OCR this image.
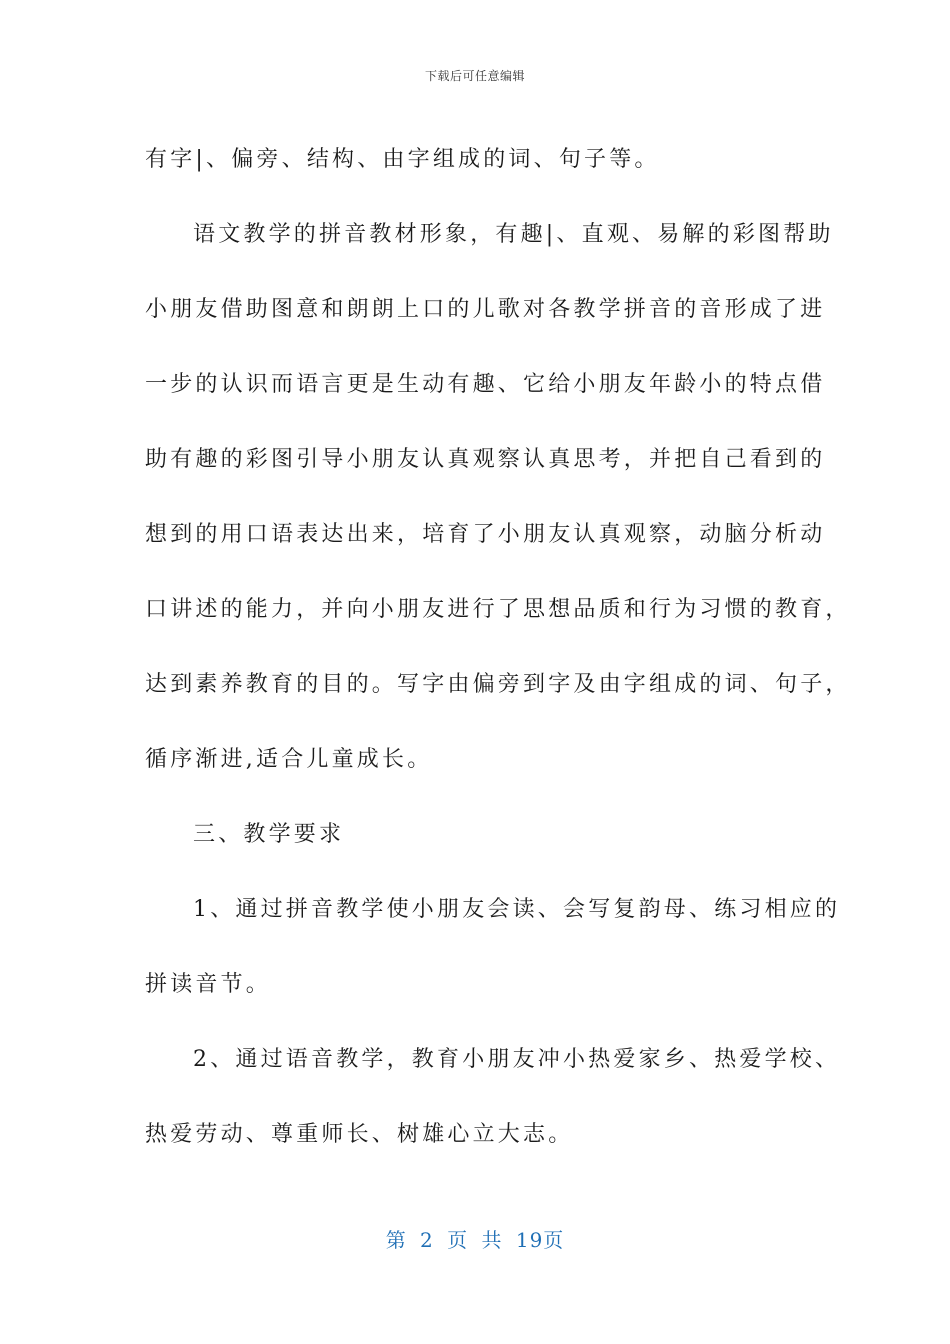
下载后可任意编辑
有字|、偏旁、结构、由字组成的词、句子等。
语文教学的拼音教材形象，有趣|、直观、易解的彩图帮助
小朋友借助图意和朗朗上口的儿歌对各教学拼音的音形成了进
一步的认识而语言更是生动有趣、它给小朋友年龄小的特点借
助有趣的彩图引导小朋友认真观察认真思考，并把自己看到的
想到的用口语表达出来，培育了小朋友认真观察，动脑分析动
口讲述的能力，并向小朋友进行了思想品质和行为习惯的教育，
达到素养教育的目的。写字由偏旁到字及由字组成的词、句子，
循序渐进,适合儿童成长。
三、教学要求
1、通过拼音教学使小朋友会读、会写复韵母、练习相应的
拼读音节。
2、通过语音教学，教育小朋友冲小热爱家乡、热爱学校、
热爱劳动、尊重师长、树雄心立大志。
第 2 页 共 19页
